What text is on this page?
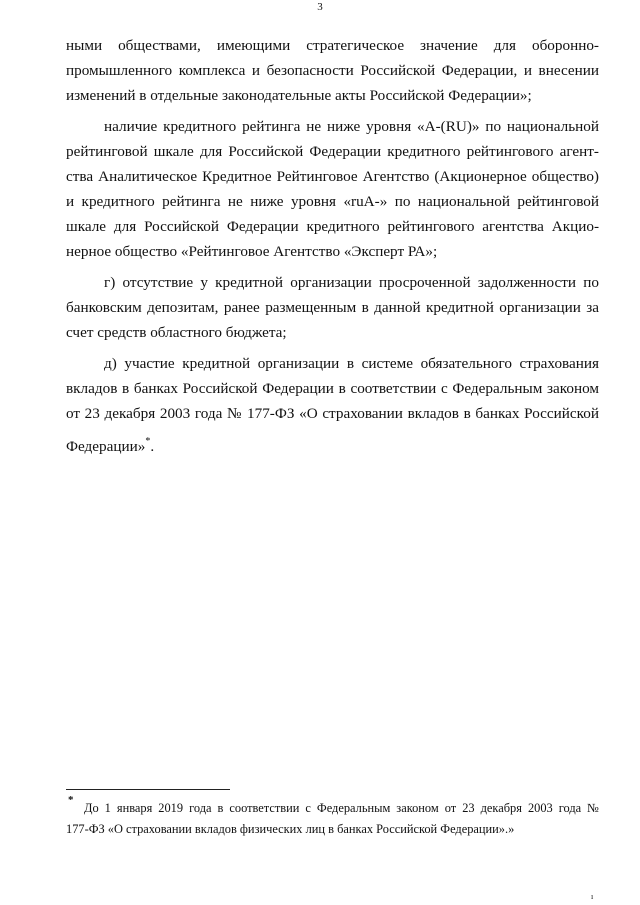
3
ными обществами, имеющими стратегическое значение для оборонно-
промышленного комплекса и безопасности Российской Федерации, и внесении
изменений в отдельные законодательные акты Российской Федерации»;
наличие кредитного рейтинга не ниже уровня «A-(RU)» по национальной
рейтинговой шкале для Российской Федерации кредитного рейтингового агент-
ства Аналитическое Кредитное Рейтинговое Агентство (Акционерное общество)
и кредитного рейтинга не ниже уровня «ruA-» по национальной рейтинговой
шкале для Российской Федерации кредитного рейтингового агентства Акцио-
нерное общество «Рейтинговое Агентство «Эксперт РА»;
г) отсутствие у кредитной организации просроченной задолженности по
банковским депозитам, ранее размещенным в данной кредитной организации за
счет средств областного бюджета;
д) участие кредитной организации в системе обязательного страхования
вкладов в банках Российской Федерации в соответствии с Федеральным законом
от 23 декабря 2003 года № 177-ФЗ «О страховании вкладов в банках Российской
Федерации»*.
*
До 1 января 2019 года в соответствии с Федеральным законом от 23 декабря 2003 года №
177-ФЗ «О страховании вкладов физических лиц в банках Российской Федерации».»
ı
